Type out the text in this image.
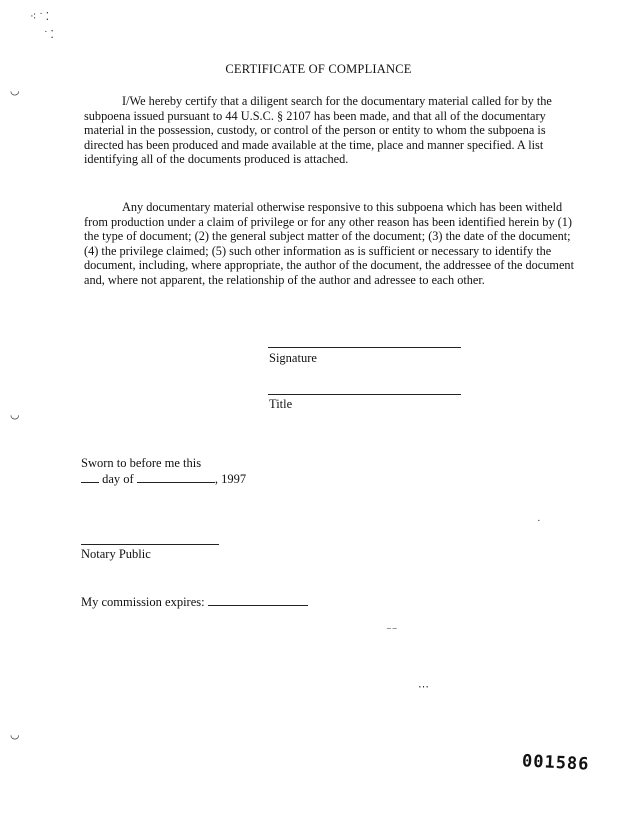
⁖ ˙ ⁚
˙ ⁚
◡
◡
◡
CERTIFICATE OF COMPLIANCE
I/We hereby certify that a diligent search for the documentary material called for by the subpoena issued pursuant to 44 U.S.C. § 2107 has been made, and that all of the documentary material in the possession, custody, or control of the person or entity to whom the subpoena is directed has been produced and made available at the time, place and manner specified. A list identifying all of the documents produced is attached.
Any documentary material otherwise responsive to this subpoena which has been witheld from production under a claim of privilege or for any other reason has been identified herein by (1) the type of document; (2) the general subject matter of the document; (3) the date of the document; (4) the privilege claimed; (5) such other information as is sufficient or necessary to identify the document, including, where appropriate, the author of the document, the addressee of the document and, where not apparent, the relationship of the author and adressee to each other.
Signature
Title
Sworn to before me this
day of	, 1997
Notary Public
My commission expires:
⁻⁻
·
⋯
001586
